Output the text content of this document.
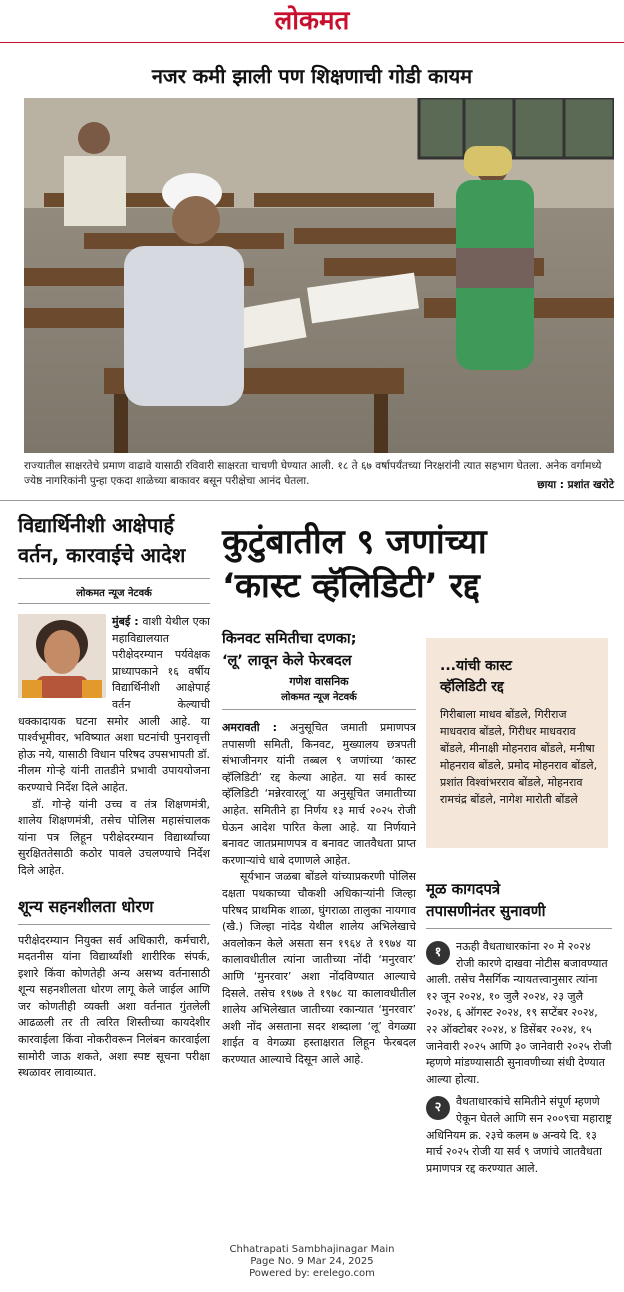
लोकमत
नजर कमी झाली पण शिक्षणाची गोडी कायम
राज्यातील साक्षरतेचे प्रमाण वाढावे यासाठी रविवारी साक्षरता चाचणी घेण्यात आली. १८ ते ६७ वर्षापर्यंतच्या निरक्षरांनी त्यात सहभाग घेतला. अनेक वर्गामध्ये ज्येष्ठ नागरिकांनी पुन्हा एकदा शाळेच्या बाकावर बसून परीक्षेचा आनंद घेतला.	छाया : प्रशांत खरोटे
विद्यार्थिनीशी आक्षेपार्ह वर्तन, कारवाईचे आदेश
लोकमत न्यूज नेटवर्क
मुंबई : वाशी येथील एका महाविद्यालयात परीक्षेदरम्यान पर्यवेक्षक प्राध्यापकाने १६ वर्षीय विद्यार्थिनीशी आक्षेपार्ह वर्तन केल्याची धक्कादायक घटना समोर आली आहे. या पार्श्वभूमीवर, भविष्यात अशा घटनांची पुनरावृत्ती होऊ नये, यासाठी विधान परिषद उपसभापती डॉ. नीलम गोऱ्हे यांनी तातडीने प्रभावी उपाययोजना करण्याचे निर्देश दिले आहेत.

डॉ. गोऱ्हे यांनी उच्च व तंत्र शिक्षणमंत्री, शालेय शिक्षणमंत्री, तसेच पोलिस महासंचालक यांना पत्र लिहून परीक्षेदरम्यान विद्यार्थ्यांच्या सुरक्षिततेसाठी कठोर पावले उचलण्याचे निर्देश दिले आहेत.

शून्य सहनशीलता धोरण
परीक्षेदरम्यान नियुक्त सर्व अधिकारी, कर्मचारी, मदतनीस यांना विद्यार्थ्यांशी शारीरिक संपर्क, इशारे किंवा कोणतेही अन्य असभ्य वर्तनासाठी शून्य सहनशीलता धोरण लागू केले जाईल आणि जर कोणतीही व्यक्ती अशा वर्तनात गुंतलेली आढळली तर ती त्वरित शिस्तीच्या कायदेशीर कारवाईला किंवा नोकरीवरून निलंबन कारवाईला सामोरी जाऊ शकते, अशा स्पष्ट सूचना परीक्षा स्थळावर लावाव्यात.
कुटुंबातील ९ जणांच्या
‘कास्ट व्हॅलिडिटी’ रद्द
किनवट समितीचा दणका;
‘लू’ लावून केले फेरबदल
गणेश वासनिक
लोकमत न्यूज नेटवर्क
अमरावती : अनुसूचित जमाती प्रमाणपत्र तपासणी समिती, किनवट, मुख्यालय छत्रपती संभाजीनगर यांनी तब्बल ९ जणांच्या ‘कास्ट व्हॅलिडिटी’ रद्द केल्या आहेत. या सर्व कास्ट व्हॅलिडिटी ‘मन्नेरवारलू’ या अनुसूचित जमातीच्या आहेत. समितीने हा निर्णय १३ मार्च २०२५ रोजी घेऊन आदेश पारित केला आहे. या निर्णयाने बनावट जातप्रमाणपत्र व बनावट जातवैधता प्राप्त करणाऱ्यांचे धाबे दणाणले आहेत.

सूर्यभान जळबा बोंडले यांच्याप्रकरणी पोलिस दक्षता पथकाच्या चौकशी अधिकाऱ्यांनी जिल्हा परिषद प्राथमिक शाळा, घुंगराळा तालुका नायगाव (खै.) जिल्हा नांदेड येथील शालेय अभिलेखाचे अवलोकन केले असता सन १९६४ ते १९७४ या कालावधीतील त्यांना जातीच्या नोंदी ‘मनुरवार’ आणि ‘मुनरवार’ अशा नोंदविण्यात आल्याचे दिसले. तसेच १९७७ ते १९७८ या कालावधीतील शालेय अभिलेखात जातीच्या रकान्यात ‘मुनरवार’ अशी नोंद असताना सदर शब्दाला ‘लू’ वेगळ्या शाईत व वेगळ्या हस्ताक्षरात लिहून फेरबदल करण्यात आल्याचे दिसून आले आहे.

...यांची कास्ट
व्हॅलिडिटी रद्द
गिरीबाला माधव बोंडले, गिरीराज माधवराव बोंडले, गिरीधर माधवराव बोंडले, मीनाक्षी मोहनराव बोंडले, मनीषा मोहनराव बोंडले, प्रमोद मोहनराव बोंडले, प्रशांत विश्वांभरराव बोंडले, मोहनराव रामचंद्र बोंडले, नागेश मारोती बोंडले
मूळ कागदपत्रे
तपासणीनंतर सुनावणी
१	नऊही वैधताधारकांना २० मे २०२४ रोजी कारणे दाखवा नोटीस बजावण्यात आली. तसेच नैसर्गिक न्यायतत्त्वानुसार त्यांना १२ जून २०२४, १० जुलै २०२४, २३ जुलै २०२४, ६ ऑगस्ट २०२४, १९ सप्टेंबर २०२४, २२ ऑक्टोबर २०२४, ४ डिसेंबर २०२४, १५ जानेवारी २०२५ आणि ३० जानेवारी २०२५ रोजी म्हणणे मांडण्यासाठी सुनावणीच्या संधी देण्यात आल्या होत्या.
२	वैधताधारकांचे समितीने संपूर्ण म्हणणे ऐकून घेतले आणि सन २००९चा महाराष्ट्र अधिनियम क्र. २३चे कलम ७ अन्वये दि. १३ मार्च २०२५ रोजी या सर्व ९ जणांचे जातवैधता प्रमाणपत्र रद्द करण्यात आले.
Chhatrapati Sambhajinagar Main
Page No. 9 Mar 24, 2025
Powered by: erelego.com
